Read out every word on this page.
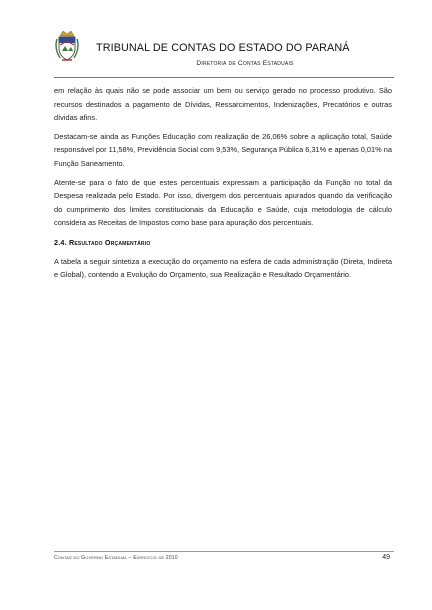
TRIBUNAL DE CONTAS DO ESTADO DO PARANÁ
Diretoria de Contas Estaduais

em relação às quais não se pode associar um bem ou serviço gerado no processo produtivo. São recursos destinados a pagamento de Dívidas, Ressarcimentos, Indenizações, Precatórios e outras dívidas afins.

Destacam-se ainda as Funções Educação com realização de 26,06% sobre a aplicação total, Saúde responsável por 11,58%, Previdência Social com 9,53%, Segurança Pública 6,31% e apenas 0,01% na Função Saneamento.

Atente-se para o fato de que estes percentuais expressam a participação da Função no total da Despesa realizada pelo Estado. Por isso, divergem dos percentuais apurados quando da verificação do cumprimento dos limites constitucionais da Educação e Saúde, cuja metodologia de cálculo considera as Receitas de Impostos como base para apuração dos percentuais.

2.4. Resultado Orçamentário

A tabela a seguir sintetiza a execução do orçamento na esfera de cada administração (Direta, Indireta e Global), contendo a Evolução do Orçamento, sua Realização e Resultado Orçamentário.

Contas do Governo Estadual – Exercício de 2010	49
